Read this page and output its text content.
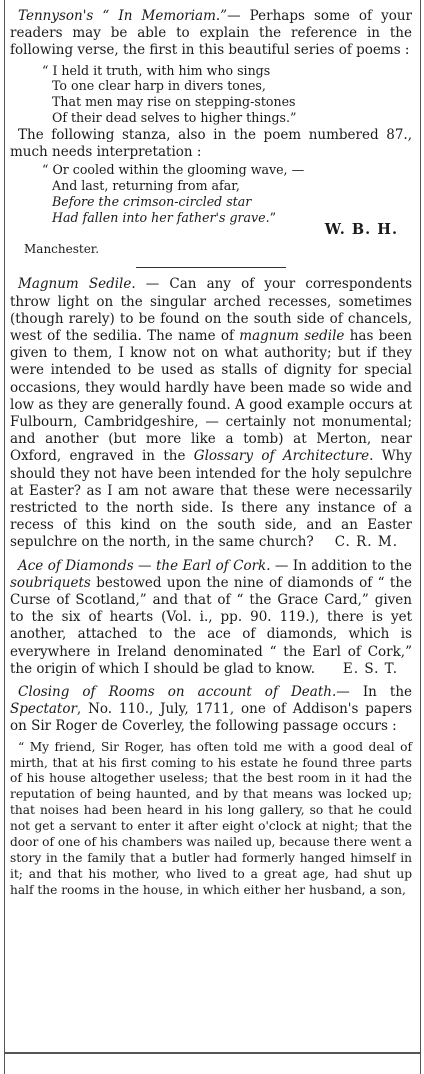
Tennyson's “ In Memoriam.”— Perhaps some of your readers may be able to explain the reference in the following verse, the first in this beautiful series of poems :

“ I held it truth, with him who sings
To one clear harp in divers tones,
That men may rise on stepping-stones
Of their dead selves to higher things.”

The following stanza, also in the poem numbered 87., much needs interpretation :

“ Or cooled within the glooming wave, —
And last, returning from afar,
Before the crimson-circled star
Had fallen into her father's grave.”

W. B. H.

Manchester.

Magnum Sedile. — Can any of your correspondents throw light on the singular arched recesses, sometimes (though rarely) to be found on the south side of chancels, west of the sedilia. The name of magnum sedile has been given to them, I know not on what authority; but if they were intended to be used as stalls of dignity for special occasions, they would hardly have been made so wide and low as they are generally found. A good example occurs at Fulbourn, Cambridgeshire, — certainly not monumental; and another (but more like a tomb) at Merton, near Oxford, engraved in the Glossary of Architecture. Why should they not have been intended for the holy sepulchre at Easter? as I am not aware that these were necessarily restricted to the north side. Is there any instance of a recess of this kind on the south side, and an Easter sepulchre on the north, in the same church?	C. R. M.

Ace of Diamonds — the Earl of Cork. — In addition to the soubriquets bestowed upon the nine of diamonds of “ the Curse of Scotland,” and that of “ the Grace Card,” given to the six of hearts (Vol. i., pp. 90. 119.), there is yet another, attached to the ace of diamonds, which is everywhere in Ireland denominated “ the Earl of Cork,” the origin of which I should be glad to know.	E. S. T.

Closing of Rooms on account of Death.— In the Spectator, No. 110., July, 1711, one of Addison's papers on Sir Roger de Coverley, the following passage occurs :

“ My friend, Sir Roger, has often told me with a good deal of mirth, that at his first coming to his estate he found three parts of his house altogether useless; that the best room in it had the reputation of being haunted, and by that means was locked up; that noises had been heard in his long gallery, so that he could not get a servant to enter it after eight o'clock at night; that the door of one of his chambers was nailed up, because there went a story in the family that a butler had formerly hanged himself in it; and that his mother, who lived to a great age, had shut up half the rooms in the house, in which either her husband, a son,
